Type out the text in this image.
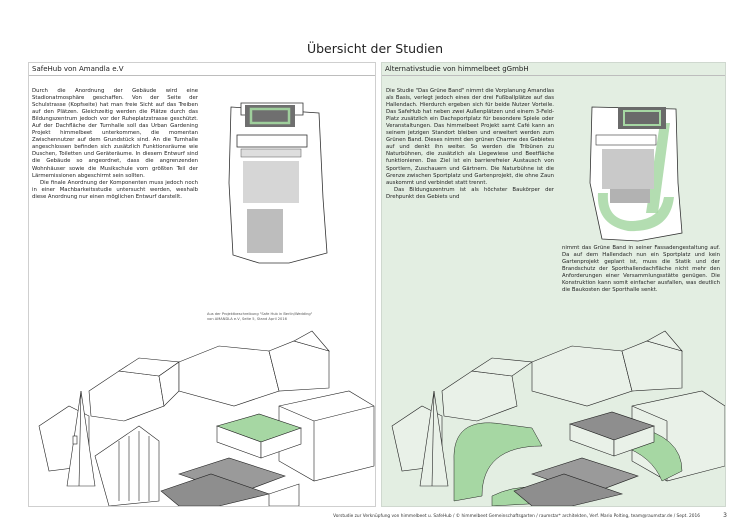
Übersicht der Studien
SafeHub von Amandla e.V

Durch die Anordnung der Gebäude wird eine Stadionatmosphäre geschaffen. Von der Seite der Schulstrasse (Kopfseite) hat man freie Sicht auf das Treiben auf den Plätzen. Gleichzeitig werden die Plätze durch das Bildungszentrum jedoch vor der Ruheplatzstrasse geschützt. Auf der Dachfläche der Turnhalle soll das Urban Gardening Projekt himmelbeet unterkommen, die momentan Zwischennutzer auf dem Grundstück sind. An die Turnhalle angeschlossen befinden sich zusätzlich Funktionsräume wie Duschen, Toiletten und Geräteräume. In diesem Entwurf sind die Gebäude so angeordnet, dass die angrenzenden Wohnhäuser sowie die Musikschule vom größten Teil der Lärmemissionen abgeschirmt sein sollten.

Die finale Anordnung der Komponenten muss jedoch noch in einer Machbarkeitsstudie untersucht werden, weshalb diese Anordnung nur einen möglichen Entwurf darstellt.

Aus der Projektbeschreibung "Safe Hub in Berlin/Wedding"
von AMANDLA e.V, Seite 5, Stand April 2016
Alternativstudie von himmelbeet gGmbH

Die Studie "Das Grüne Band" nimmt die Vorplanung Amandlas als Basis, verlegt jedoch eines der drei Fußballplätze auf das Hallendach. Hierdurch ergeben sich für beide Nutzer Vorteile. Das SafeHub hat neben zwei Außenplätzen und einem 3-Feld-Platz zusätzlich ein Dachsportplatz für besondere Spiele oder Veranstaltungen. Das himmelbeet Projekt samt Café kann an seinem jetzigen Standort bleiben und erweitert werden zum Grünen Band. Dieses nimmt den grünen Charme des Gebietes auf und denkt ihn weiter. So werden die Tribünen zu Naturbühnen, die zusätzlich als Liegewiese und Beetfläche funktionieren. Das Ziel ist ein barrierefreier Austausch von Sportlern, Zuschauern und Gärtnern. Die Naturbühne ist die Grenze zwischen Sportplatz und Gartenprojekt, die ohne Zaun auskommt und verbindet statt trennt.

Das Bildungszentrum ist als höchster Baukörper der Drehpunkt des Gebiets und

nimmt das Grüne Band in seiner Fassadengestaltung auf. Da auf dem Hallendach nun ein Sportplatz und kein Gartenprojekt geplant ist, muss die Statik und der Brandschutz der Sporthallendachfläche nicht mehr den Anforderungen einer Versammlungsstätte genügen. Die Konstruktion kann somit einfacher ausfallen, was deutlich die Baukosten der Sporthalle senkt.

Vorstudie zur Verknüpfung von himmelbeet u. SafeHub / © himmelbeet Gemeinschaftsgarten / raumstar* architekten, Verf. Mario Polting, team@raumstar.de / Sept. 2016	3
